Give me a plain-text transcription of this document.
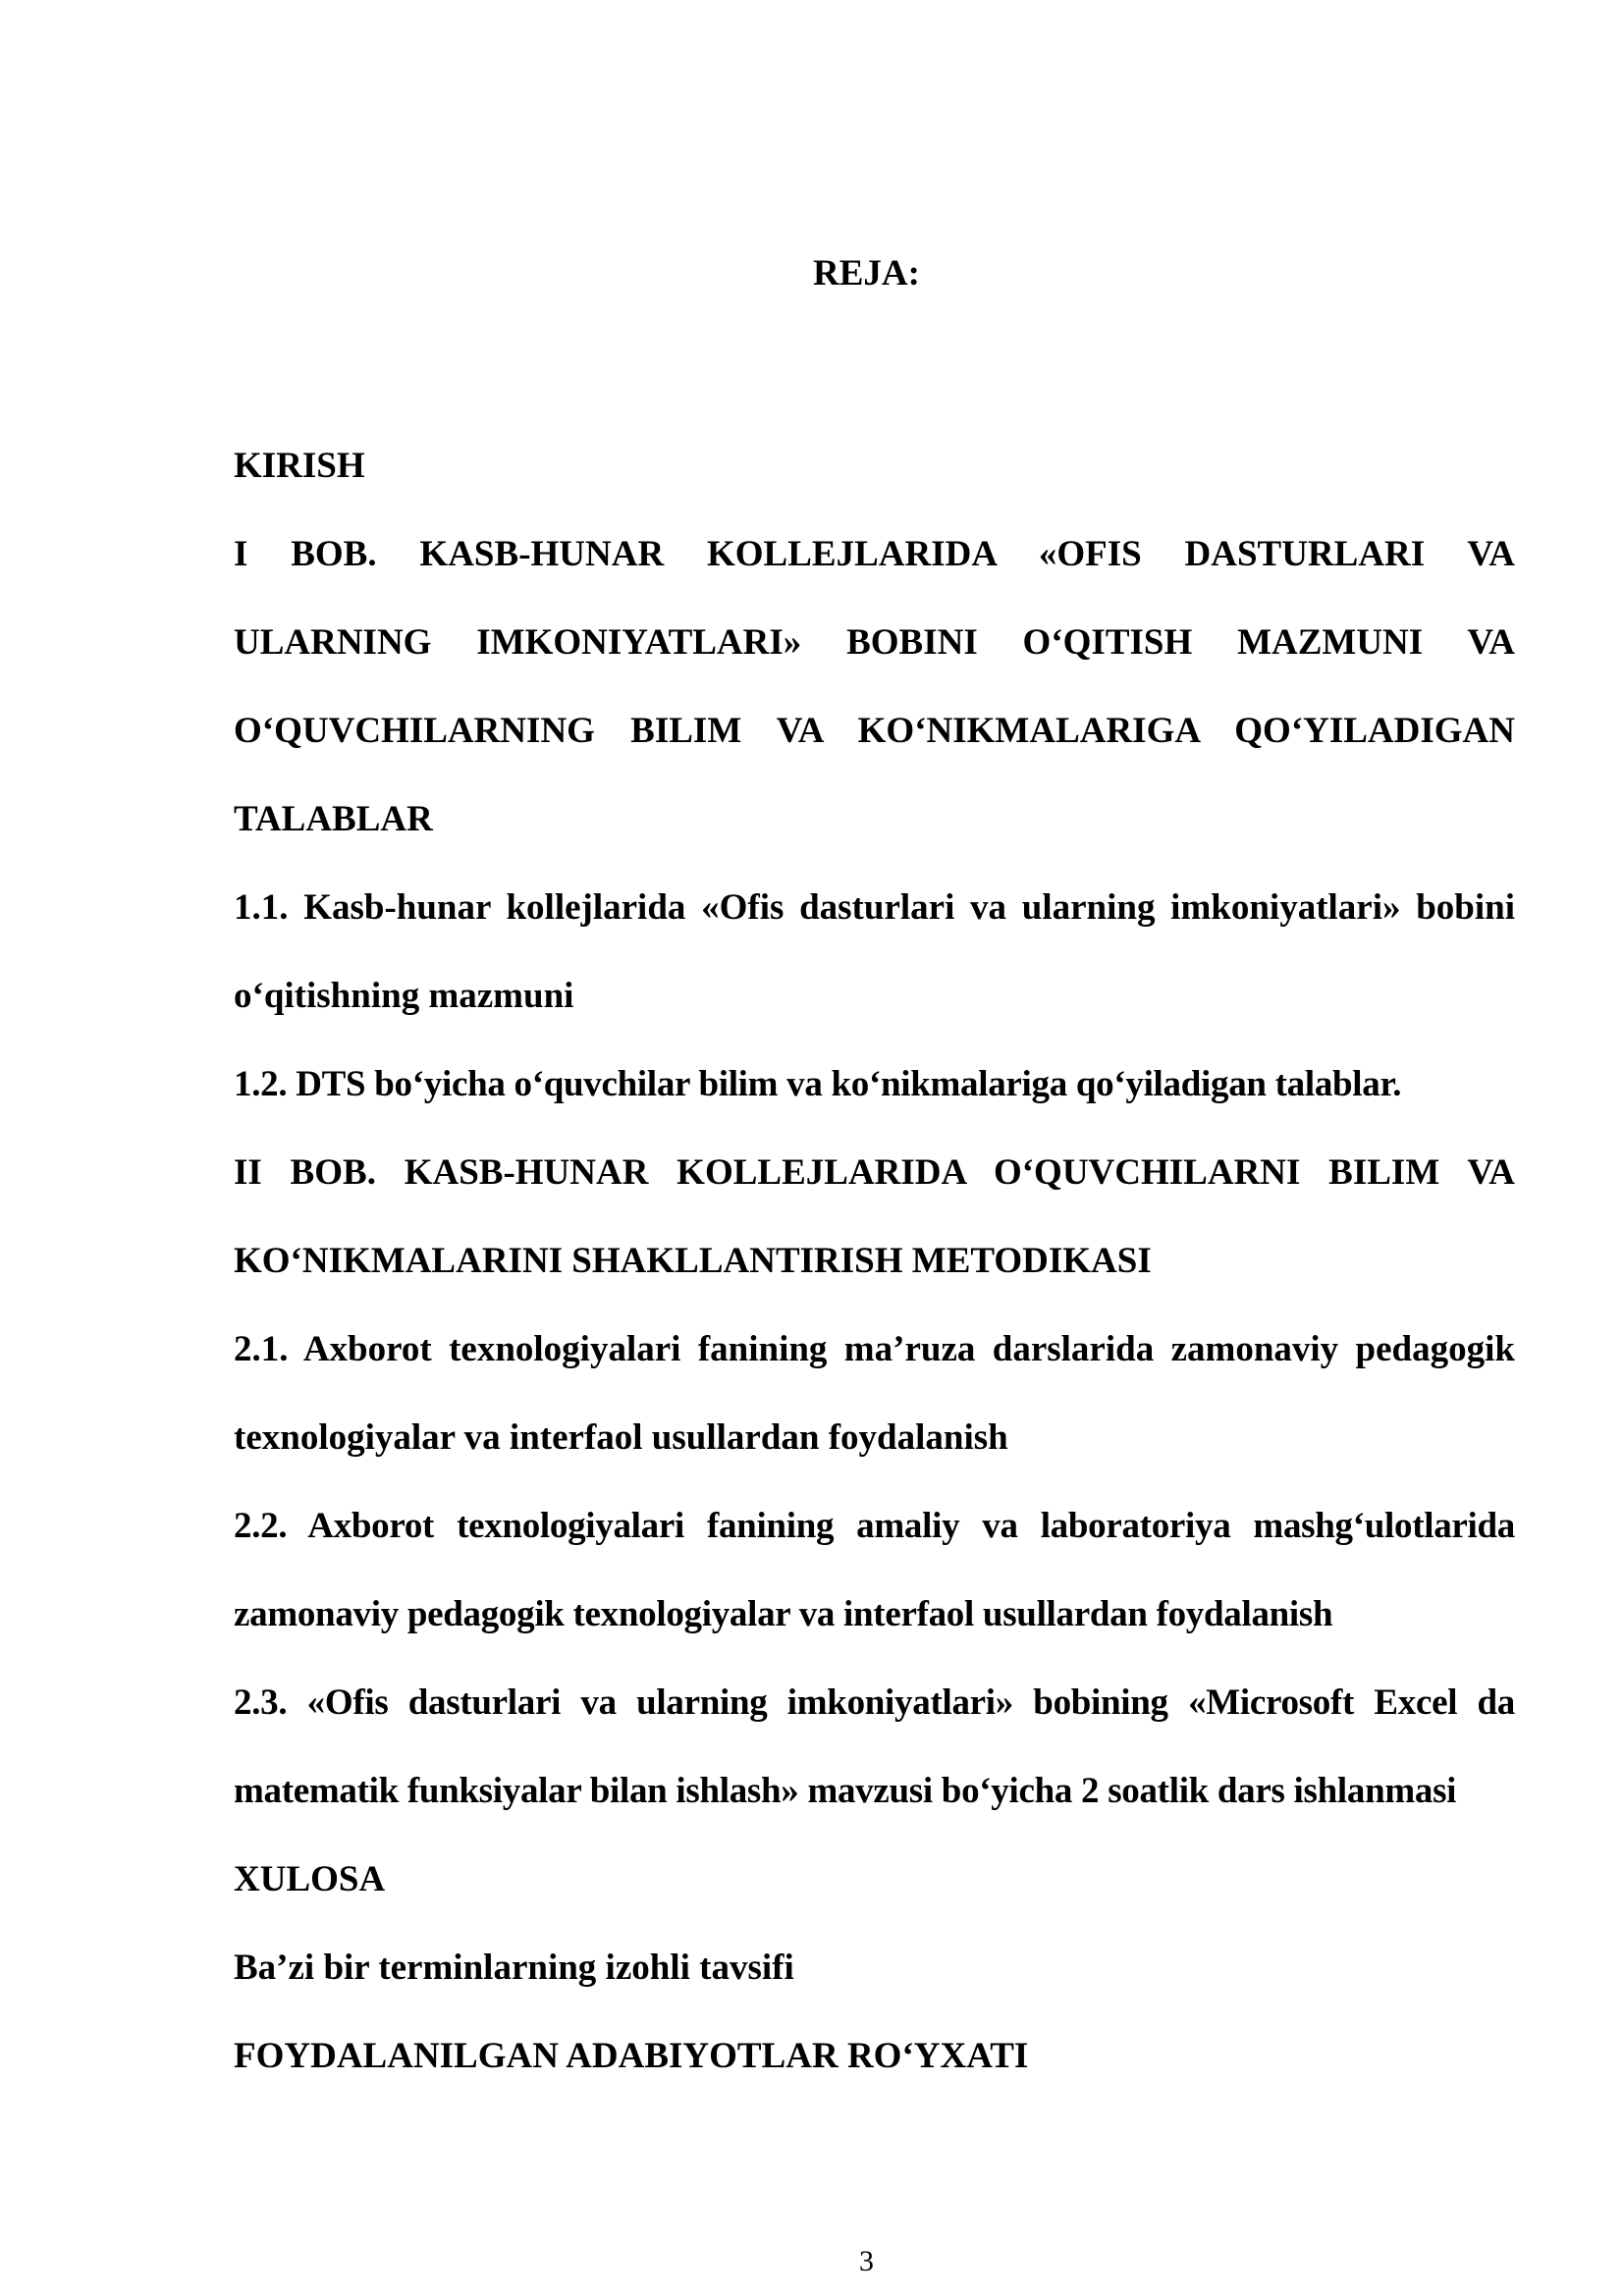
REJA:

KIRISH

I BOB. KASB-HUNAR KOLLEJLARIDA «OFIS DASTURLARI VA ULARNING IMKONIYATLARI» BOBINI O‘QITISH MAZMUNI VA O‘QUVCHILARNING BILIM VA KO‘NIKMALARIGA QO‘YILADIGAN TALABLAR

1.1. Kasb-hunar kollejlarida «Ofis dasturlari va ularning imkoniyatlari» bobini o‘qitishning mazmuni

1.2. DTS bo‘yicha o‘quvchilar bilim va ko‘nikmalariga qo‘yiladigan talablar.

II BOB. KASB-HUNAR KOLLEJLARIDA O‘QUVCHILARNI BILIM VA KO‘NIKMALARINI SHAKLLANTIRISH METODIKASI

2.1. Axborot texnologiyalari fanining ma’ruza darslarida zamonaviy pedagogik texnologiyalar va interfaol usullardan foydalanish

2.2. Axborot texnologiyalari fanining amaliy va laboratoriya mashg‘ulotlarida zamonaviy pedagogik texnologiyalar va interfaol usullardan foydalanish

2.3. «Ofis dasturlari va ularning imkoniyatlari» bobining «Microsoft Excel da matematik funksiyalar bilan ishlash» mavzusi bo‘yicha 2 soatlik dars ishlanmasi

XULOSA

Ba’zi bir terminlarning izohli tavsifi

FOYDALANILGAN ADABIYOTLAR RO‘YXATI

3
